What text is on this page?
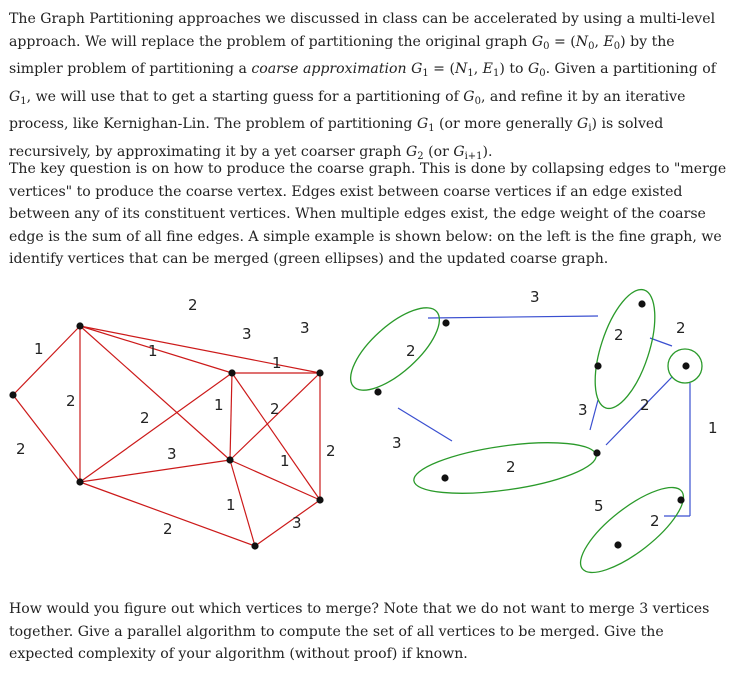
The Graph Partitioning approaches we discussed in class can be accelerated by using a multi-level approach. We will replace the problem of partitioning the original graph $G_0 = (N_0$, $E_0$) by the simpler problem of partitioning a coarse approximation $G_1 = (N_1$, $E_1$) to $G_0$. Given a partitioning of $G_1$, we will use that to get a starting guess for a partitioning of $G_0$, and refine it by an iterative process, like Kernighan-Lin. The problem of partitioning $G_1$ (or more generally $G_i$) is solved recursively, by approximating it by a yet coarser graph $G_2$ (or $G_{i+1}$).
The key question is on how to produce the coarse graph. This is done by collapsing edges to "merge vertices" to produce the coarse vertex. Edges exist between coarse vertices if an edge existed between any of its constituent vertices. When multiple edges exist, the edge weight of the coarse edge is the sum of all fine edges. A simple example is shown below: on the left is the fine graph, we identify vertices that can be merged (green ellipses) and the updated coarse graph.
2
3
1
3
1
2
2
1	2
3
2
1
2
1
2
3
1
3
2
2	2
3
3	2
1
5
2
2
How would you figure out which vertices to merge? Note that we do not want to merge 3 vertices together. Give a parallel algorithm to compute the set of all vertices to be merged. Give the expected complexity of your algorithm (without proof) if known.
